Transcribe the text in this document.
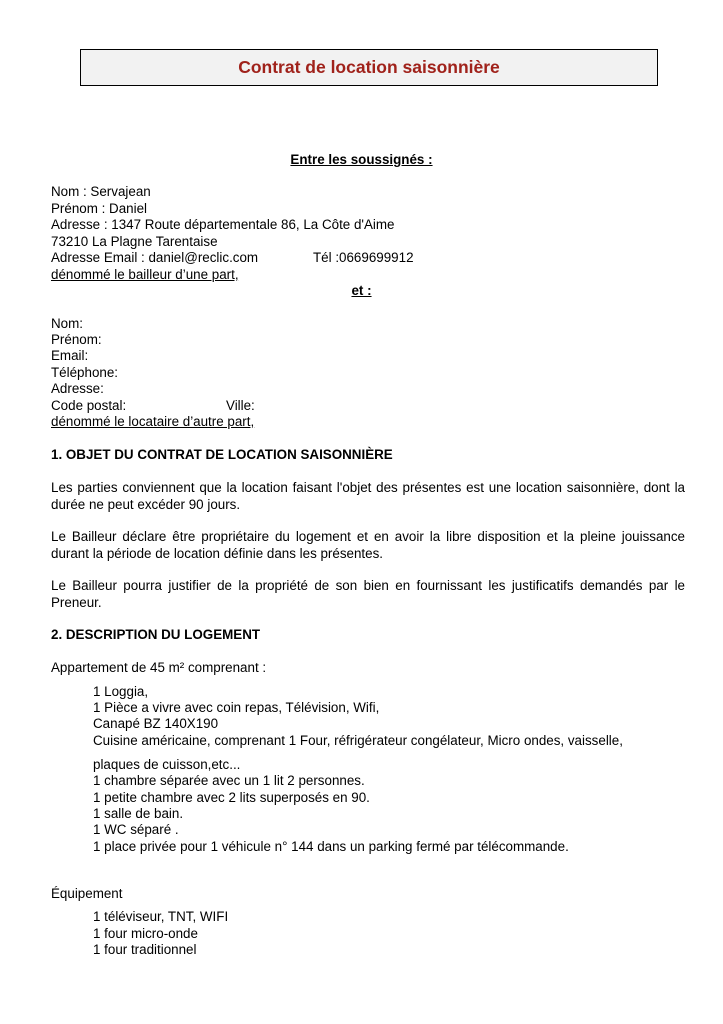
Contrat de location saisonnière
Entre les soussignés :
Nom : Servajean
Prénom : Daniel
Adresse : 1347 Route départementale 86, La Côte d'Aime
73210 La Plagne Tarentaise
Adresse Email : daniel@reclic.com	Tél :0669699912
dénommé le bailleur d’une part,
et :
Nom:
Prénom:
Email:
Téléphone:
Adresse:
Code postal:	Ville:
dénommé le locataire d’autre part,
1. OBJET DU CONTRAT DE LOCATION SAISONNIÈRE
Les parties conviennent que la location faisant l'objet des présentes est une location saisonnière, dont la durée ne peut excéder 90 jours.
Le Bailleur déclare être propriétaire du logement et en avoir la libre disposition et la pleine jouissance durant la période de location définie dans les présentes.
Le Bailleur pourra justifier de la propriété de son bien en fournissant les justificatifs demandés par le Preneur.
2. DESCRIPTION DU LOGEMENT
Appartement de 45 m² comprenant :
1 Loggia,
1 Pièce a vivre avec coin repas, Télévision, Wifi,
Canapé BZ 140X190
Cuisine américaine, comprenant 1 Four, réfrigérateur congélateur, Micro ondes, vaisselle,
plaques de cuisson,etc...
1 chambre séparée avec un 1 lit 2 personnes.
1 petite chambre avec 2 lits superposés en 90.
1 salle de bain.
1 WC séparé .
1 place privée pour 1 véhicule n° 144 dans un parking fermé par télécommande.
Équipement
1 téléviseur, TNT, WIFI
1 four micro-onde
1 four traditionnel
